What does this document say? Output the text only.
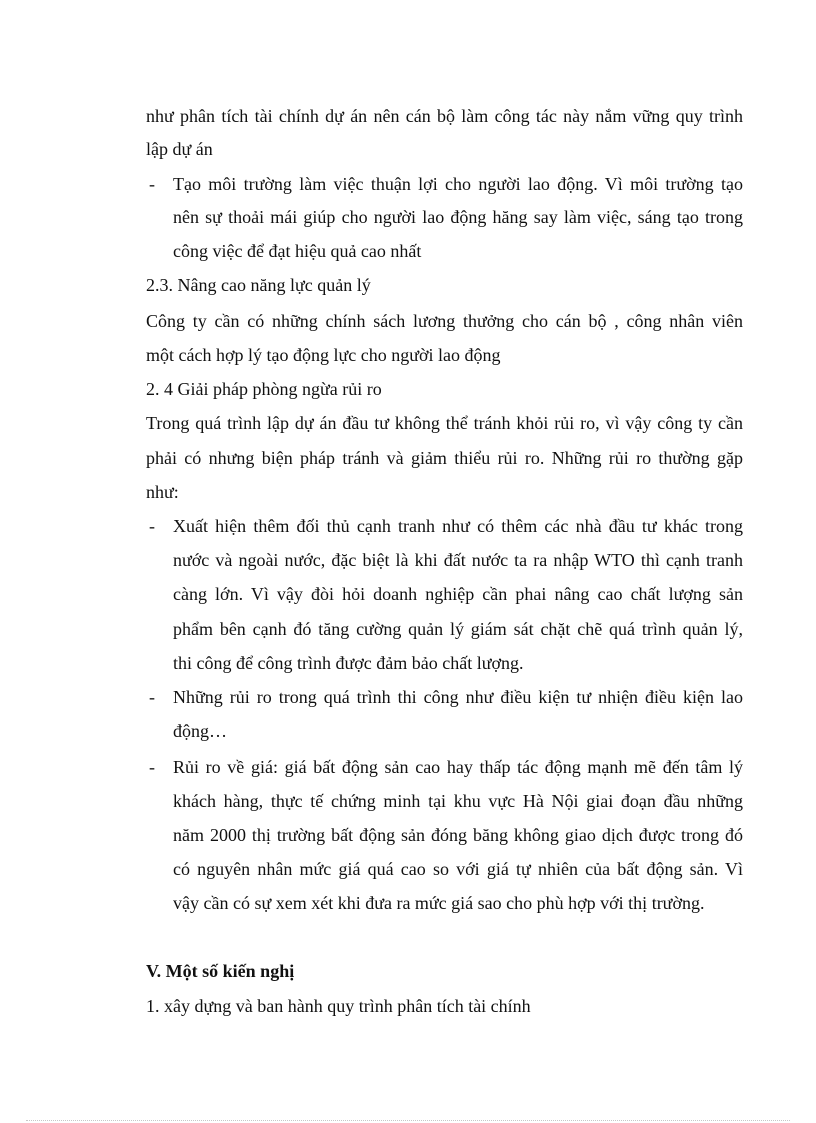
như phân tích tài chính dự án nên cán bộ làm công tác này nắm vững quy trình
lập dự án
- Tạo môi trường làm việc thuận lợi cho người lao động. Vì môi trường tạo
nên sự thoải mái giúp cho người lao động hăng say làm việc, sáng tạo trong
công việc để đạt hiệu quả cao nhất
2.3. Nâng cao năng lực quản lý
Công ty cần có những chính sách lương thưởng cho cán bộ , công nhân viên
một cách hợp lý tạo động lực cho người lao động
2. 4 Giải pháp phòng ngừa rủi ro
Trong quá trình lập dự án đầu tư không thể tránh khỏi rủi ro, vì vậy công ty cần
phải có nhưng biện pháp tránh và giảm thiểu rủi ro. Những rủi ro thường gặp
như:
- Xuất hiện thêm đối thủ cạnh tranh như có thêm các nhà đầu tư khác trong
nước và ngoài nước, đặc biệt là khi đất nước ta ra nhập WTO thì cạnh tranh
càng lớn. Vì vậy đòi hỏi doanh nghiệp cần phai nâng cao chất lượng sản
phẩm bên cạnh đó tăng cường quản lý giám sát chặt chẽ quá trình quản lý,
thi công để công trình được đảm bảo chất lượng.
- Những rủi ro trong quá trình thi công như điều kiện tư nhiện điều kiện lao
động…
- Rủi ro về giá: giá bất động sản cao hay thấp tác động mạnh mẽ đến tâm lý
khách hàng, thực tế chứng minh tại khu vực Hà Nội giai đoạn đầu những
năm 2000 thị trường bất động sản đóng băng không giao dịch được trong đó
có nguyên nhân mức giá quá cao so với giá tự nhiên của bất động sản. Vì
vậy cần có sự xem xét khi đưa ra mức giá sao cho phù hợp với thị trường.
V. Một số kiến nghị
1. xây dựng và ban hành quy trình phân tích tài chính
